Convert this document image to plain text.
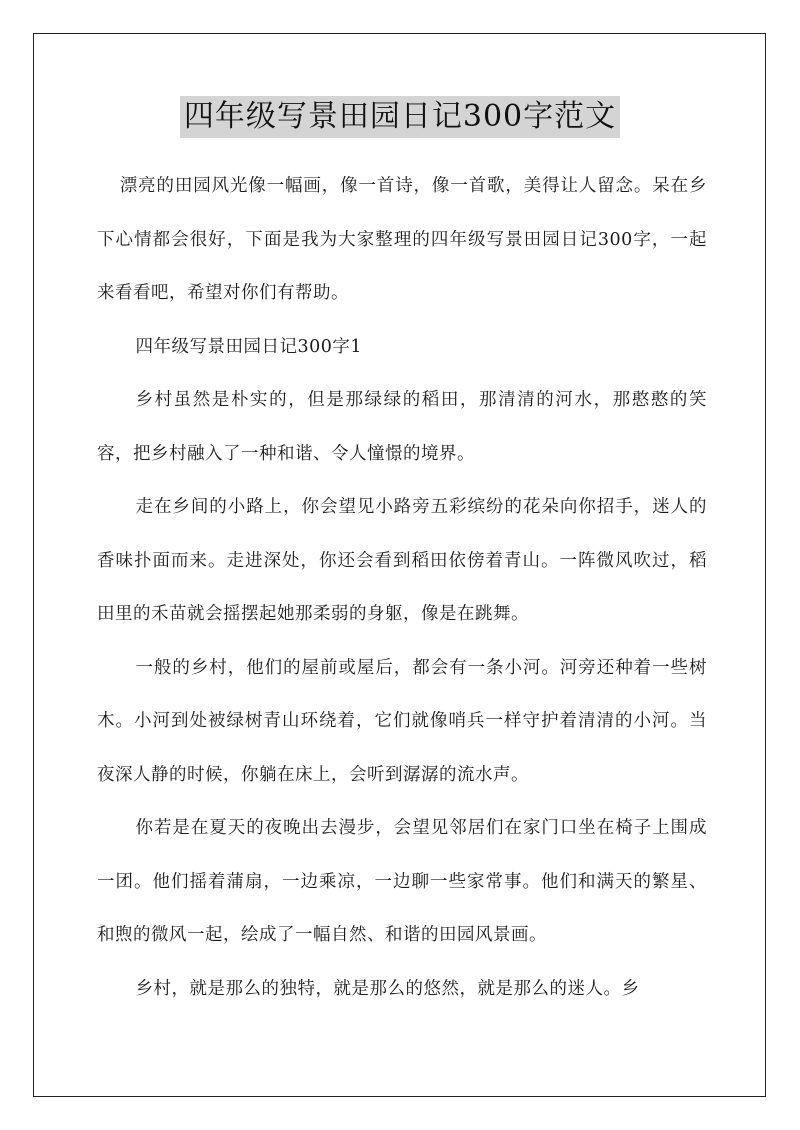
四年级写景田园日记300字范文

漂亮的田园风光像一幅画，像一首诗，像一首歌，美得让人留念。呆在乡下心情都会很好，下面是我为大家整理的四年级写景田园日记300字，一起来看看吧，希望对你们有帮助。

四年级写景田园日记300字1

乡村虽然是朴实的，但是那绿绿的稻田，那清清的河水，那憨憨的笑容，把乡村融入了一种和谐、令人憧憬的境界。

走在乡间的小路上，你会望见小路旁五彩缤纷的花朵向你招手，迷人的香味扑面而来。走进深处，你还会看到稻田依傍着青山。一阵微风吹过，稻田里的禾苗就会摇摆起她那柔弱的身躯，像是在跳舞。

一般的乡村，他们的屋前或屋后，都会有一条小河。河旁还种着一些树木。小河到处被绿树青山环绕着，它们就像哨兵一样守护着清清的小河。当夜深人静的时候，你躺在床上，会听到潺潺的流水声。

你若是在夏天的夜晚出去漫步，会望见邻居们在家门口坐在椅子上围成一团。他们摇着蒲扇，一边乘凉，一边聊一些家常事。他们和满天的繁星、和煦的微风一起，绘成了一幅自然、和谐的田园风景画。

乡村，就是那么的独特，就是那么的悠然，就是那么的迷人。乡
